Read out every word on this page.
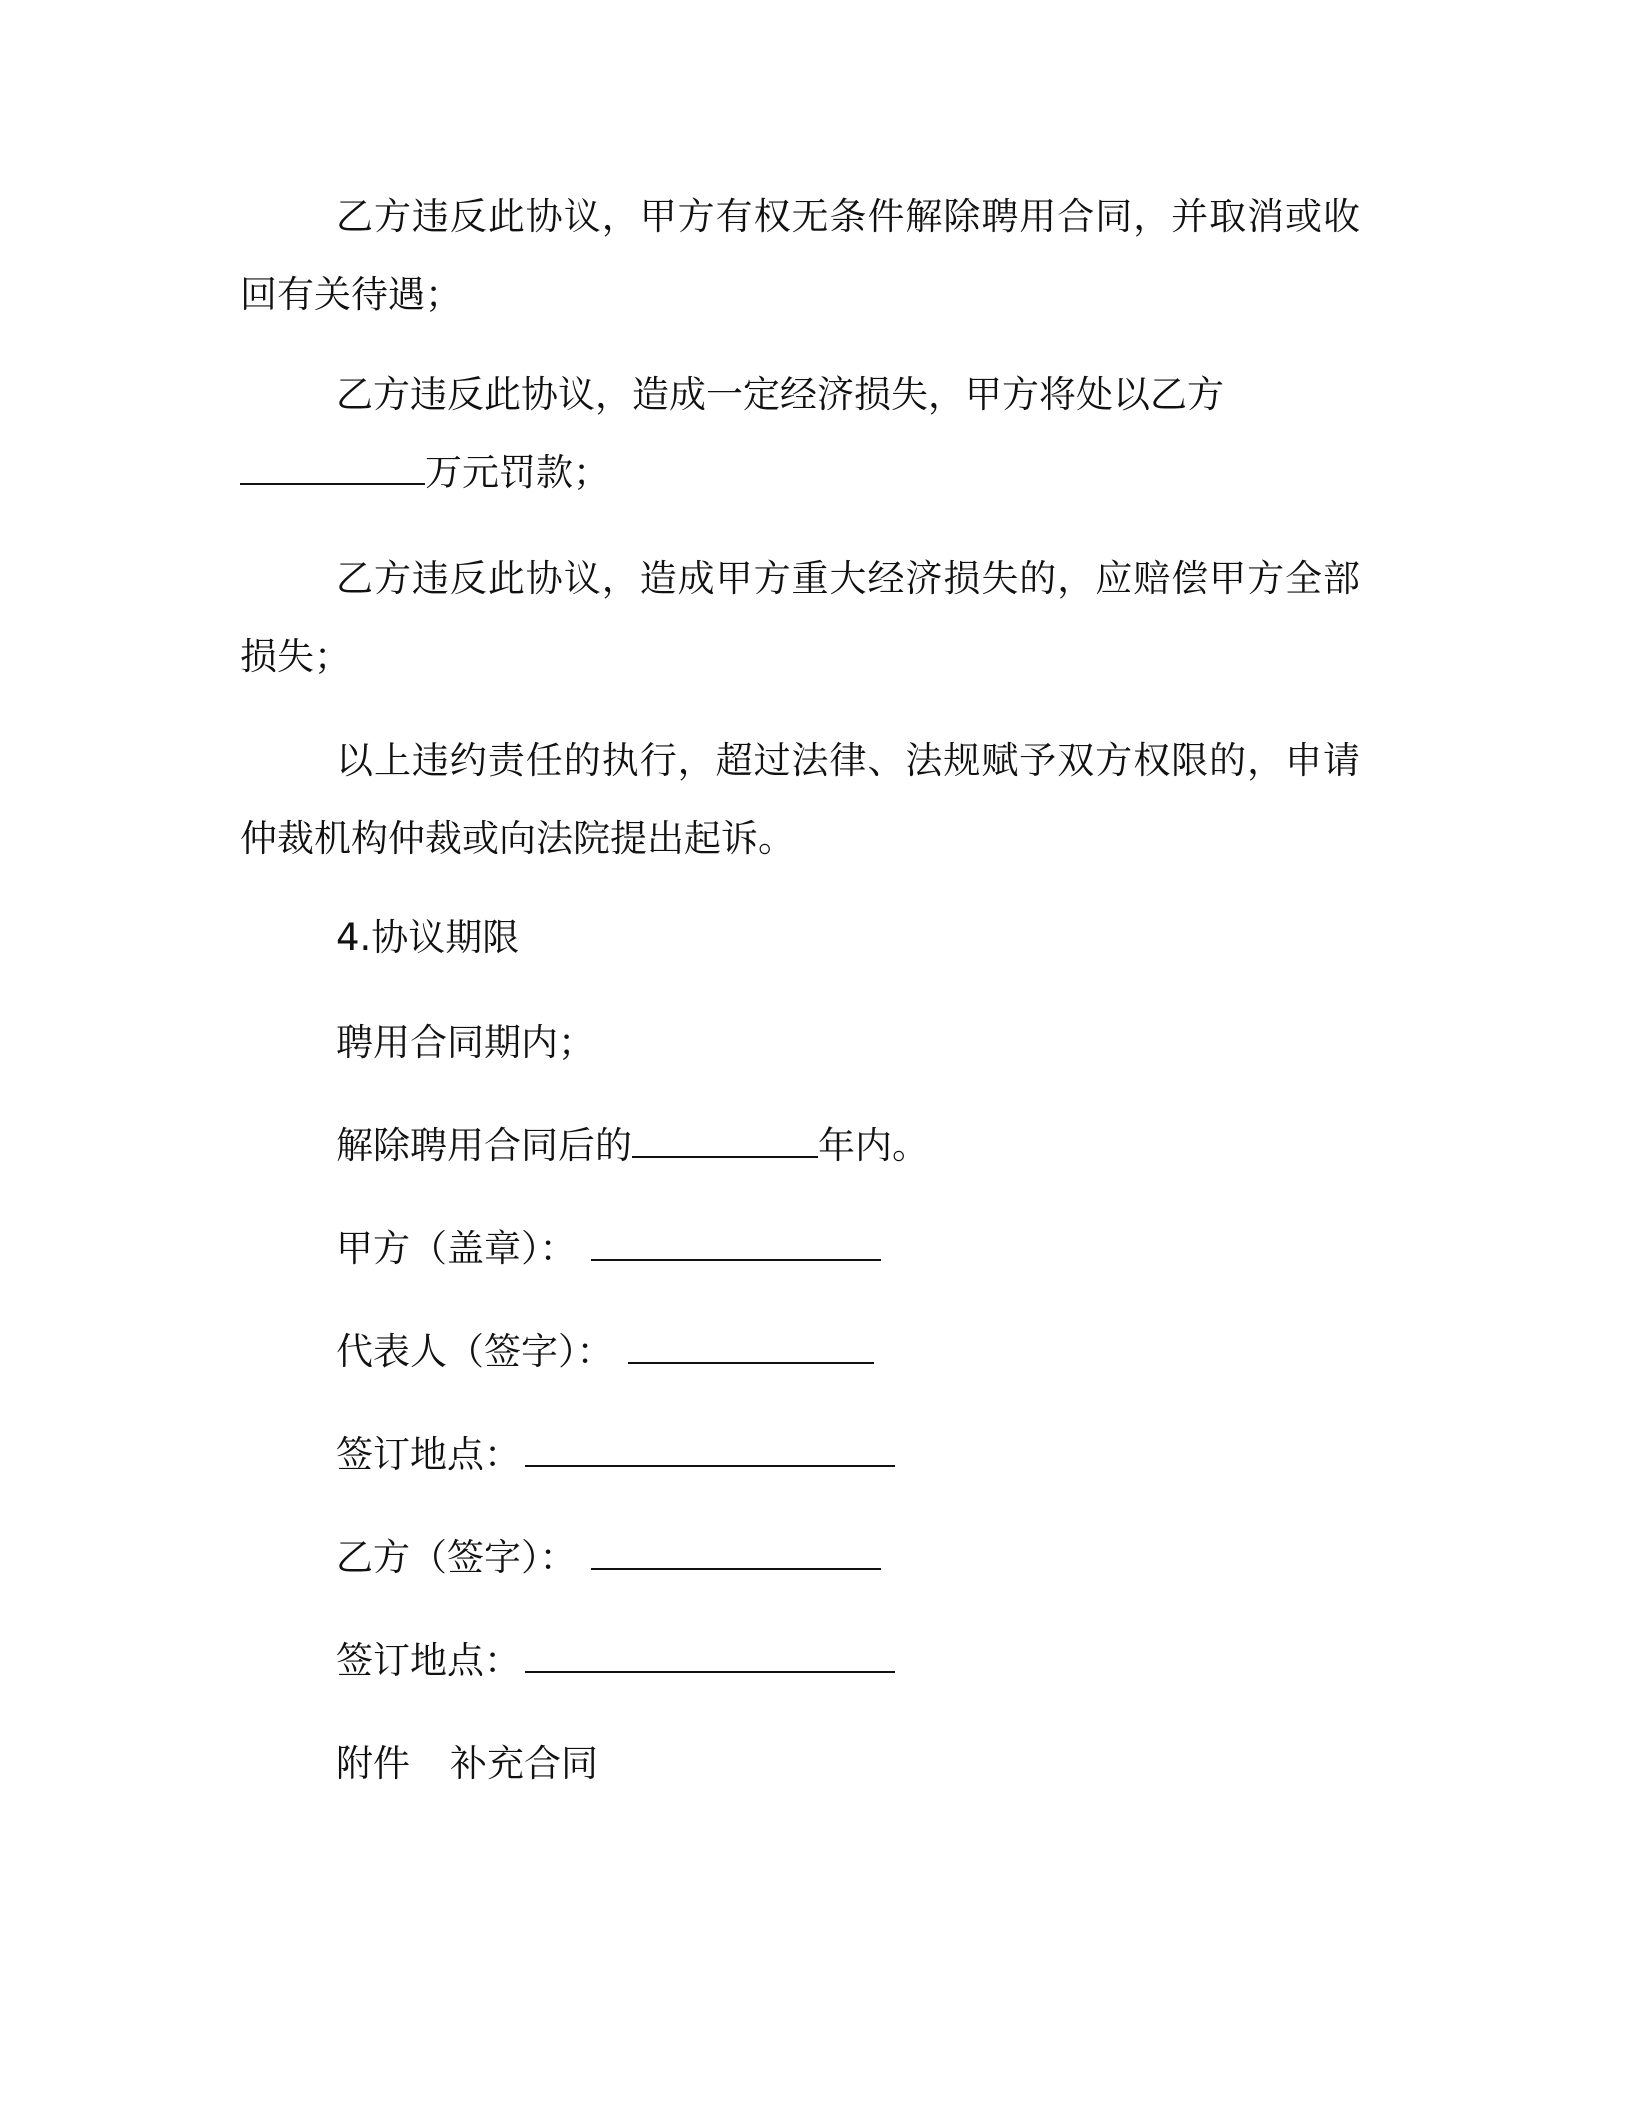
乙方违反此协议，甲方有权无条件解除聘用合同，并取消或收回有关待遇；

乙方违反此协议，造成一定经济损失，甲方将处以乙方

万元罚款；

乙方违反此协议，造成甲方重大经济损失的，应赔偿甲方全部损失；

以上违约责任的执行，超过法律、法规赋予双方权限的，申请仲裁机构仲裁或向法院提出起诉。

4.协议期限

聘用合同期内；

解除聘用合同后的	年内。

甲方（盖章）：

代表人（签字）：

签订地点：

乙方（签字）：

签订地点：

附件 补充合同
